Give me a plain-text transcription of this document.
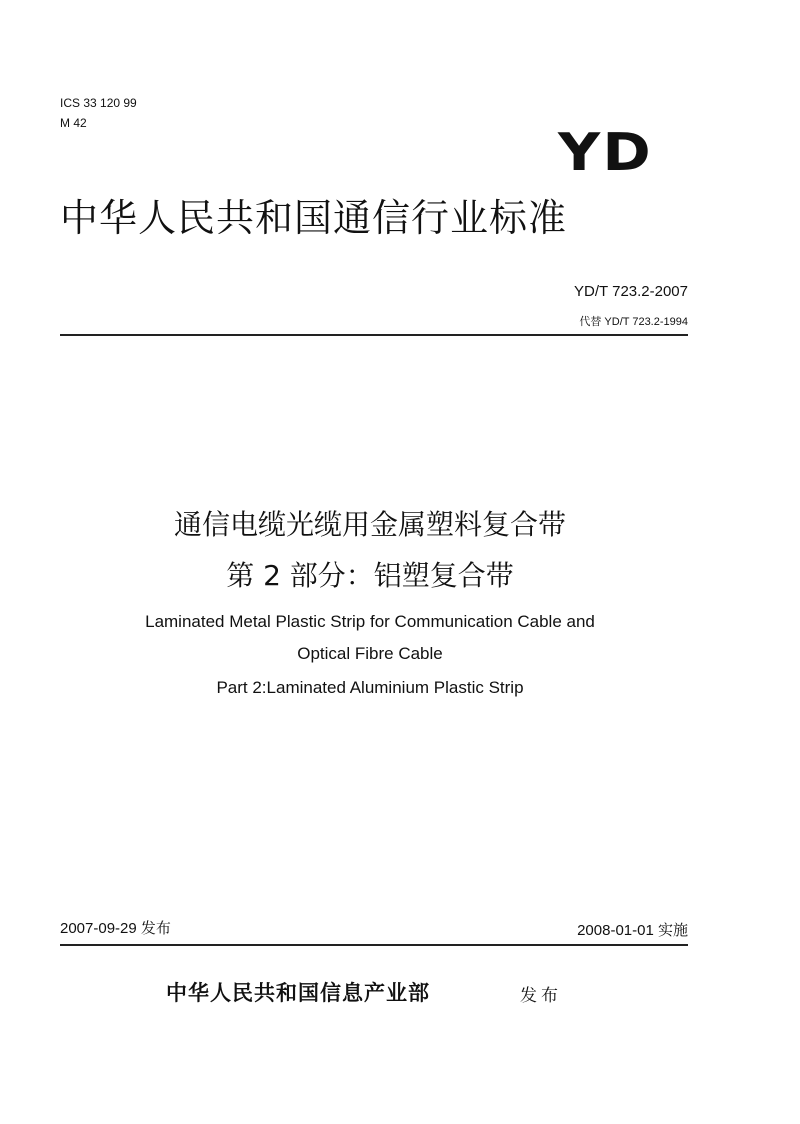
ICS 33 120 99
M 42	YD
中华人民共和国通信行业标准
YD/T 723.2-2007
代替 YD/T 723.2-1994
通信电缆光缆用金属塑料复合带
第 2 部分：铝塑复合带
Laminated Metal Plastic Strip for Communication Cable and
Optical Fibre Cable
Part 2:Laminated Aluminium Plastic Strip
2007-09-29 发布	2008-01-01 实施
中华人民共和国信息产业部	发布
